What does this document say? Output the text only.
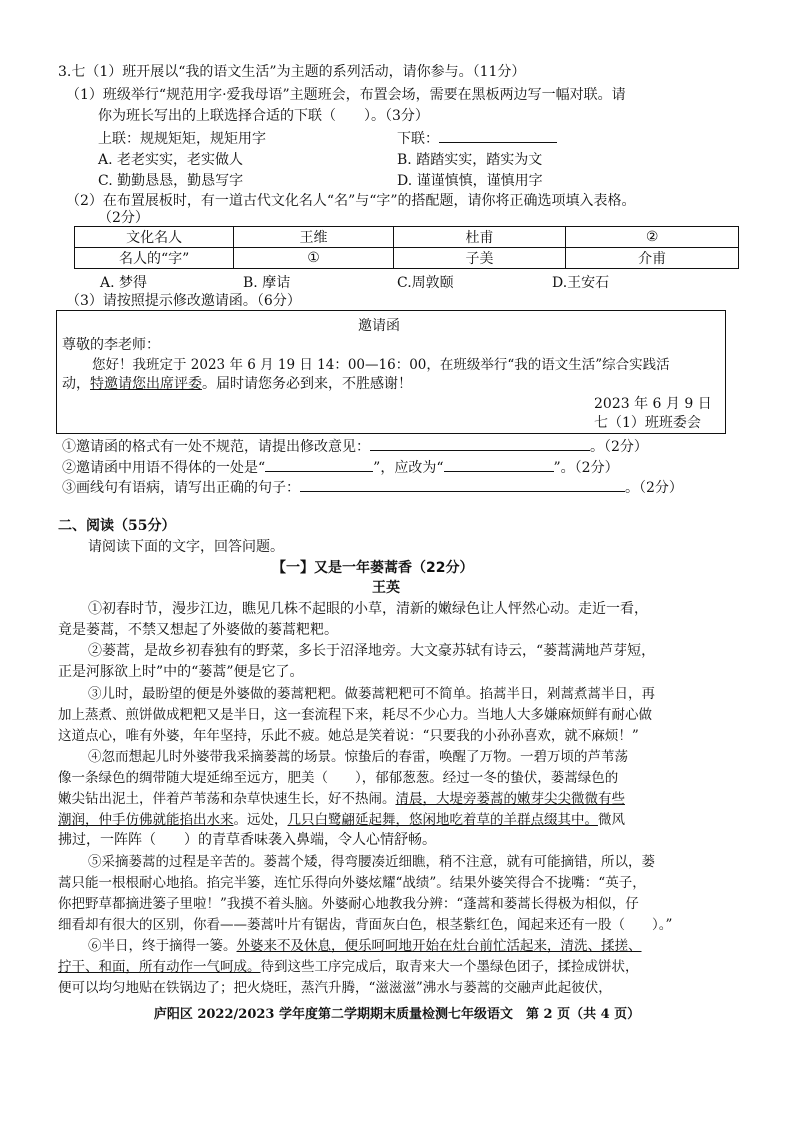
3.七（1）班开展以“我的语文生活”为主题的系列活动，请你参与。（11分）
（1）班级举行“规范用字·爱我母语”主题班会，布置会场，需要在黑板两边写一幅对联。请
你为班长写出的上联选择合适的下联（　　）。（3分）
上联：规规矩矩，规矩用字	下联：
A. 老老实实，老实做人	B. 踏踏实实，踏实为文
C. 勤勤恳恳，勤恳写字	D. 谨谨慎慎，谨慎用字
（2）在布置展板时，有一道古代文化名人“名”与“字”的搭配题，请你将正确选项填入表格。
（2分）
文化名人	王维	杜甫	②
名人的“字”	①	子美	介甫
A. 梦得	B. 摩诘	C.周敦颐	D.王安石
（3）请按照提示修改邀请函。（6分）
邀请函
尊敬的李老师：
您好！我班定于 2023 年 6 月 19 日 14：00—16：00，在班级举行“我的语文生活”综合实践活
动，特邀请您出席评委。届时请您务必到来，不胜感谢！
2023 年 6 月 9 日
七（1）班班委会
①邀请函的格式有一处不规范，请提出修改意见：	。（2分）
②邀请函中用语不得体的一处是“	”，应改为“	”。（2分）
③画线句有语病，请写出正确的句子：	。（2分）
二、阅读（55分）
请阅读下面的文字，回答问题。
【一】又是一年蒌蒿香（22分）
王英
①初春时节，漫步江边，瞧见几株不起眼的小草，清新的嫩绿色让人怦然心动。走近一看，
竟是蒌蒿，不禁又想起了外婆做的蒌蒿粑粑。
②蒌蒿，是故乡初春独有的野菜，多长于沼泽地旁。大文豪苏轼有诗云，“蒌蒿满地芦芽短，
正是河豚欲上时”中的“蒌蒿”便是它了。
③儿时，最盼望的便是外婆做的蒌蒿粑粑。做蒌蒿粑粑可不简单。掐蒿半日，剁蒿煮蒿半日，再
加上蒸煮、煎饼做成粑粑又是半日，这一套流程下来，耗尽不少心力。当地人大多嫌麻烦鲜有耐心做
这道点心，唯有外婆，年年坚持，乐此不疲。她总是笑着说：“只要我的小孙孙喜欢，就不麻烦！”
④忽而想起儿时外婆带我采摘蒌蒿的场景。惊蛰后的春雷，唤醒了万物。一碧万顷的芦苇荡
像一条绿色的绸带随大堤延绵至远方，肥美（　　），郁郁葱葱。经过一冬的蛰伏，蒌蒿绿色的
嫩尖钻出泥土，伴着芦苇荡和杂草快速生长，好不热闹。清晨，大堤旁蒌蒿的嫩芽尖尖微微有些
潮润，仲手仿佛就能掐出水来。远处，几只白鹭翩延起舞，悠闲地吃着草的羊群点缀其中。微风
拂过，一阵阵（　　）的青草香味袭入鼻端，令人心情舒畅。
⑤采摘蒌蒿的过程是辛苦的。蒌蒿个矮，得弯腰凑近细瞧，稍不注意，就有可能摘错，所以，蒌
蒿只能一根根耐心地掐。掐完半篓，连忙乐得向外婆炫耀“战绩”。结果外婆笑得合不拢嘴：“英子，
你把野草都摘进篓子里啦！”我摸不着头脑。外婆耐心地教我分辨：“蓬蒿和蒌蒿长得极为相似，仔
细看却有很大的区别，你看——蒌蒿叶片有锯齿，背面灰白色，根茎紫红色，闻起来还有一股（　　）。”
⑥半日，终于摘得一篓。外婆来不及休息，便乐呵呵地开始在灶台前忙活起来，清洗、揉搓、
拧干、和面，所有动作一气呵成。待到这些工序完成后，取青来大一个墨绿色团子，揉捡成饼状，
便可以均匀地贴在铁锅边了；把火烧旺，蒸汽升腾，“滋滋滋”沸水与蒌蒿的交融声此起彼伏，
庐阳区 2022/2023 学年度第二学期期末质量检测七年级语文　第 2 页（共 4 页）
